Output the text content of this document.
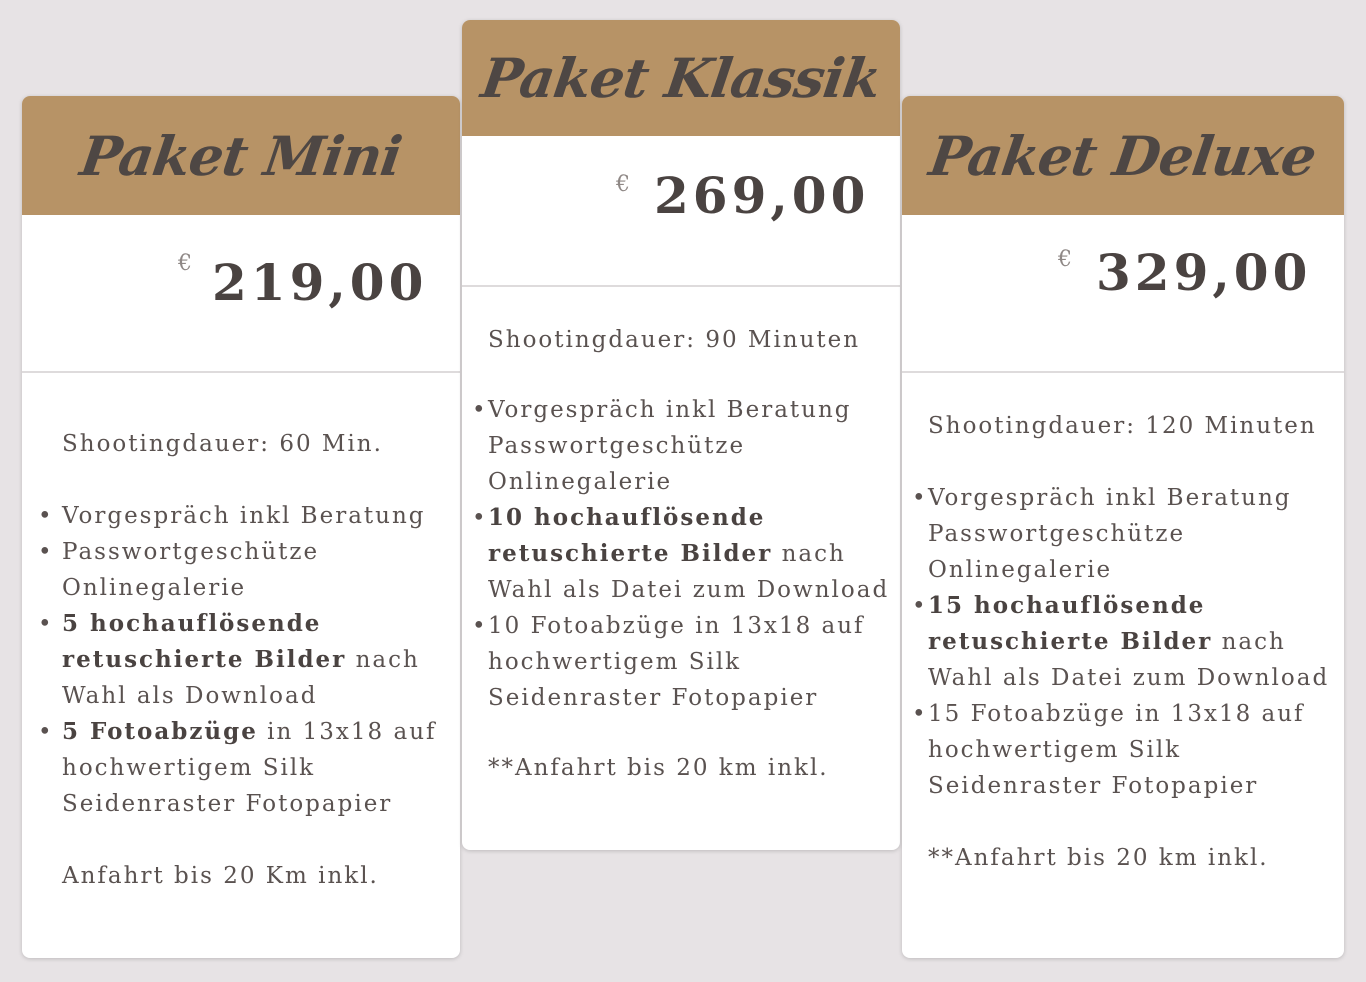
Paket Mini
€ 219,00
Shootingdauer: 60 Min.
• Vorgespräch inkl Beratung
• Passwortgeschütze
Onlinegalerie
• 5 hochauflösende
retuschierte Bilder nach
Wahl als Download
• 5 Fotoabzüge in 13x18 auf
hochwertigem Silk
Seidenraster Fotopapier
Anfahrt bis 20 Km inkl.
Paket Klassik
€ 269,00
Shootingdauer: 90 Minuten
• Vorgespräch inkl Beratung
Passwortgeschütze
Onlinegalerie
• 10 hochauflösende
retuschierte Bilder nach
Wahl als Datei zum Download
• 10 Fotoabzüge in 13x18 auf
hochwertigem Silk
Seidenraster Fotopapier
**Anfahrt bis 20 km inkl.
Paket Deluxe
€ 329,00
Shootingdauer: 120 Minuten
• Vorgespräch inkl Beratung
Passwortgeschütze
Onlinegalerie
• 15 hochauflösende
retuschierte Bilder nach
Wahl als Datei zum Download
• 15 Fotoabzüge in 13x18 auf
hochwertigem Silk
Seidenraster Fotopapier
**Anfahrt bis 20 km inkl.
